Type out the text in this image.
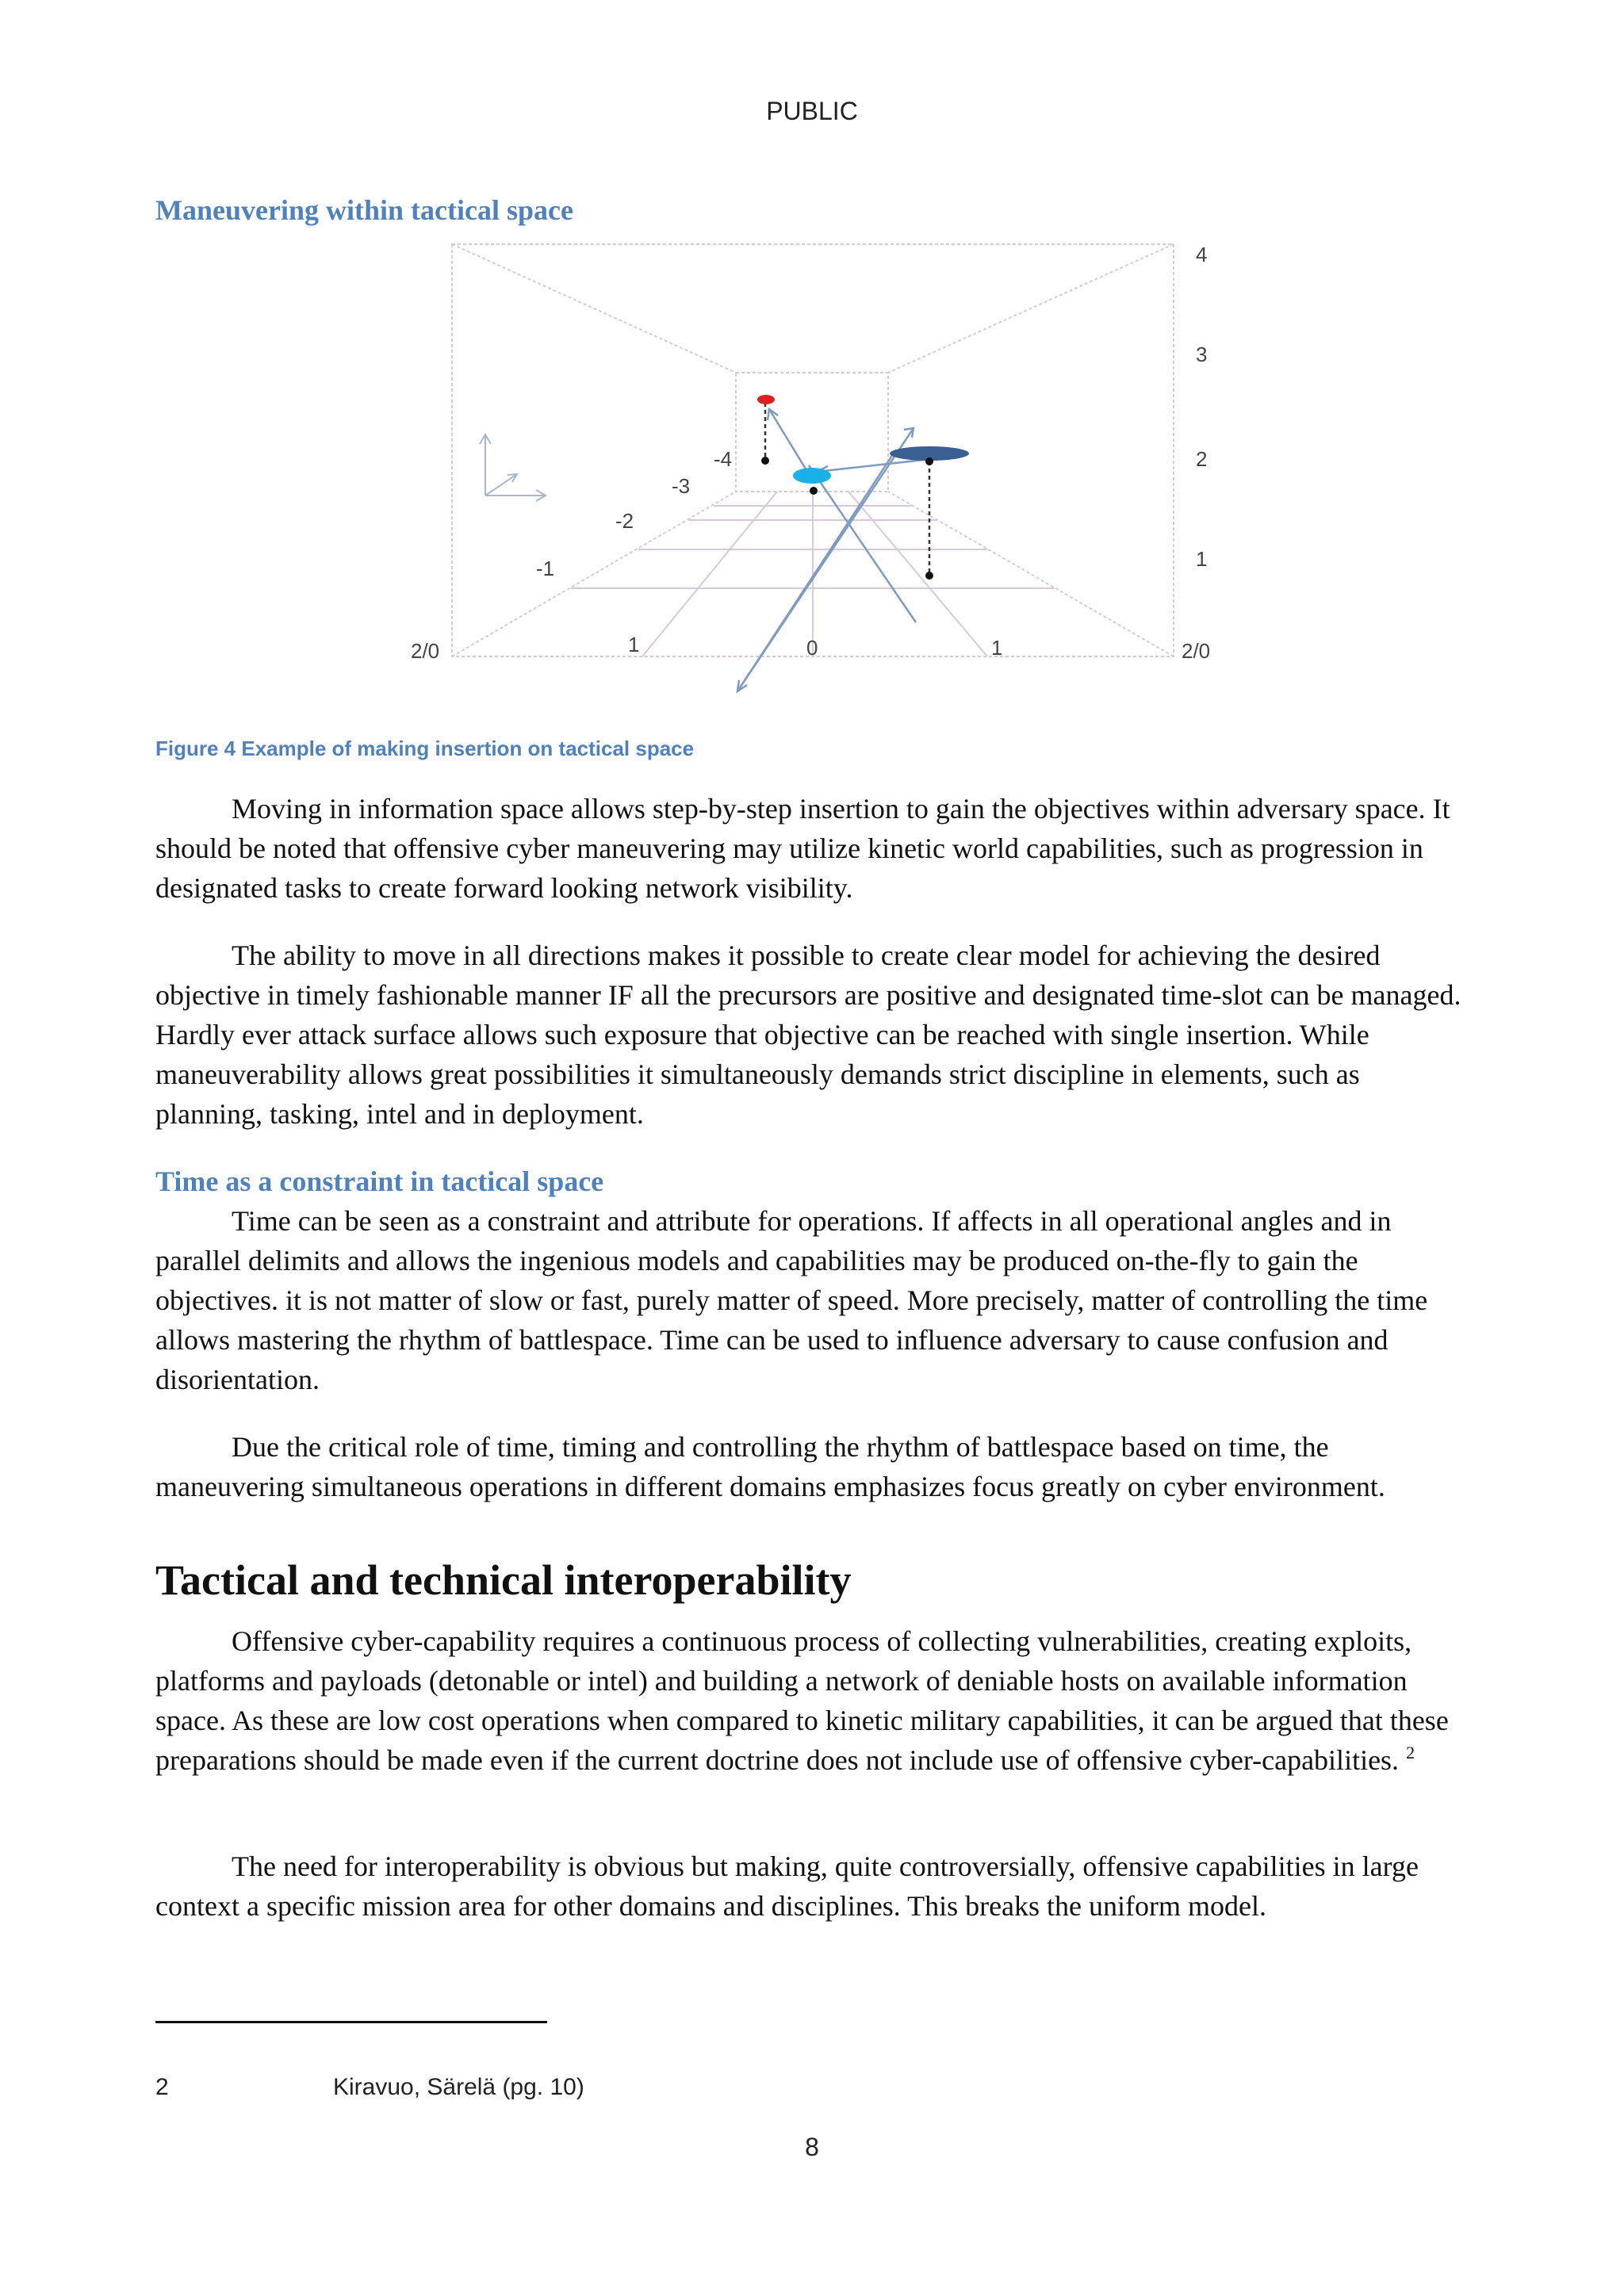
PUBLIC
Maneuvering within tactical space
4
3
2
1
2/0	2/0
1	0	1
-4
-3
-2
-1
Figure 4 Example of making insertion on tactical space

Moving in information space allows step-by-step insertion to gain the objectives within adversary space. It should be noted that offensive cyber maneuvering may utilize kinetic world capabilities, such as progression in designated tasks to create forward looking network visibility.

The ability to move in all directions makes it possible to create clear model for achieving the desired objective in timely fashionable manner IF all the precursors are positive and designated time-slot can be managed. Hardly ever attack surface allows such exposure that objective can be reached with single insertion. While maneuverability allows great possibilities it simultaneously demands strict discipline in elements, such as planning, tasking, intel and in deployment.

Time as a constraint in tactical space

Time can be seen as a constraint and attribute for operations. If affects in all operational angles and in parallel delimits and allows the ingenious models and capabilities may be produced on-the-fly to gain the objectives. it is not matter of slow or fast, purely matter of speed. More precisely, matter of controlling the time allows mastering the rhythm of battlespace. Time can be used to influence adversary to cause confusion and disorientation.

Due the critical role of time, timing and controlling the rhythm of battlespace based on time, the maneuvering simultaneous operations in different domains emphasizes focus greatly on cyber environment.

Tactical and technical interoperability

Offensive cyber-capability requires a continuous process of collecting vulnerabilities, creating exploits, platforms and payloads (detonable or intel) and building a network of deniable hosts on available information space. As these are low cost operations when compared to kinetic military capabilities, it can be argued that these preparations should be made even if the current doctrine does not include use of offensive cyber-capabilities. $^2$

The need for interoperability is obvious but making, quite controversially, offensive capabilities in large context a specific mission area for other domains and disciplines. This breaks the uniform model.

2	Kiravuo, Särelä (pg. 10)
8
